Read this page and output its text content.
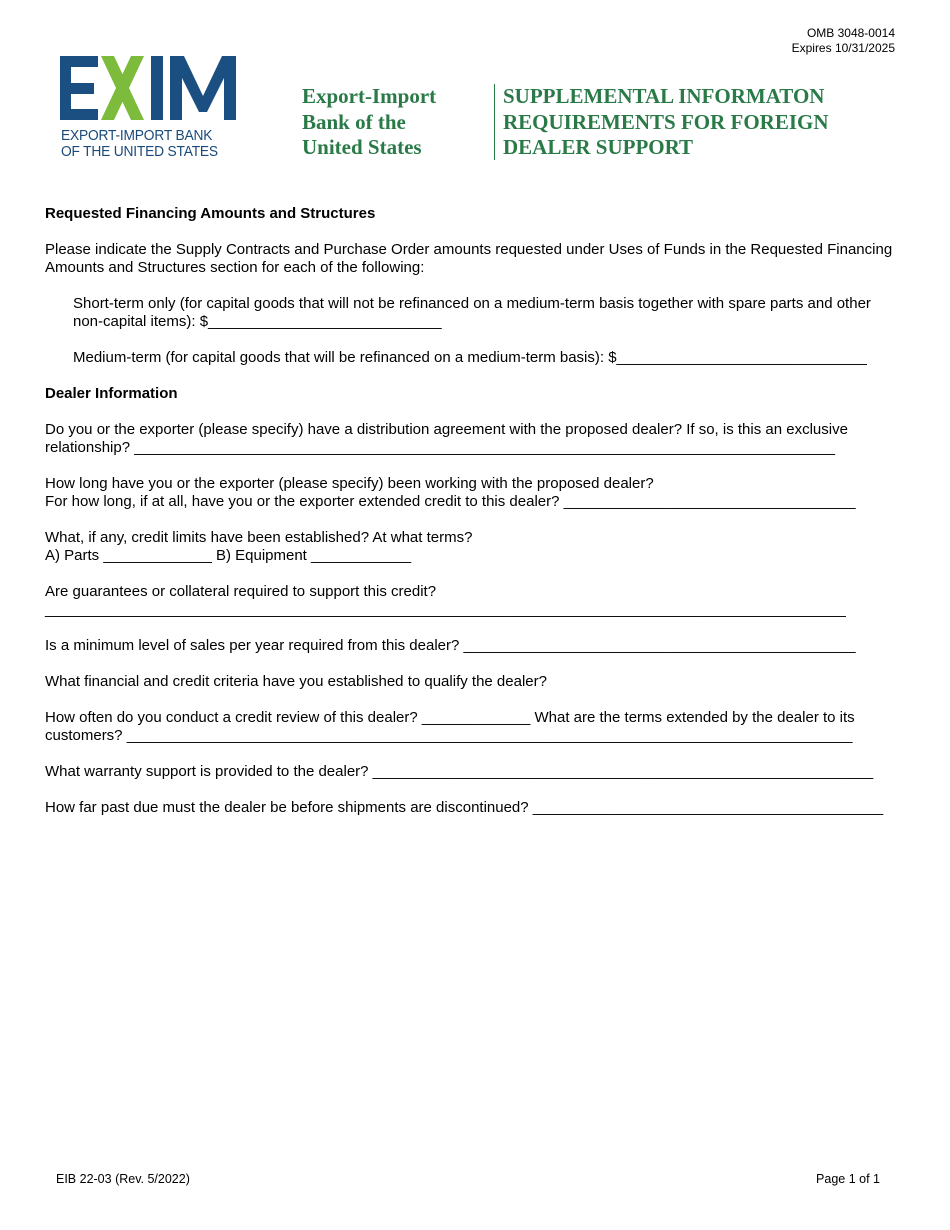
OMB 3048-0014
Expires 10/31/2025
EXPORT-IMPORT BANK
OF THE UNITED STATES
Export-Import
Bank of the
United States
SUPPLEMENTAL INFORMATON
REQUIREMENTS FOR FOREIGN
DEALER SUPPORT

Requested Financing Amounts and Structures

Please indicate the Supply Contracts and Purchase Order amounts requested under Uses of Funds in the Requested Financing Amounts and Structures section for each of the following:

Short-term only (for capital goods that will not be refinanced on a medium-term basis together with spare parts and other

non-capital items): $____________________________

Medium-term (for capital goods that will be refinanced on a medium-term basis): $______________________________

Dealer Information

Do you or the exporter (please specify) have a distribution agreement with the proposed dealer? If so, is this an exclusive

relationship? ____________________________________________________________________________________

How long have you or the exporter (please specify) been working with the proposed dealer?

For how long, if at all, have you or the exporter extended credit to this dealer? ___________________________________

What, if any, credit limits have been established? At what terms?

A) Parts _____________ B) Equipment ____________

Are guarantees or collateral required to support this credit?

________________________________________________________________________________________________

Is a minimum level of sales per year required from this dealer? _______________________________________________

What financial and credit criteria have you established to qualify the dealer?

How often do you conduct a credit review of this dealer? _____________ What are the terms extended by the dealer to its

customers? _______________________________________________________________________________________

What warranty support is provided to the dealer? ____________________________________________________________

How far past due must the dealer be before shipments are discontinued? __________________________________________

EIB 22-03 (Rev. 5/2022)	Page 1 of 1
